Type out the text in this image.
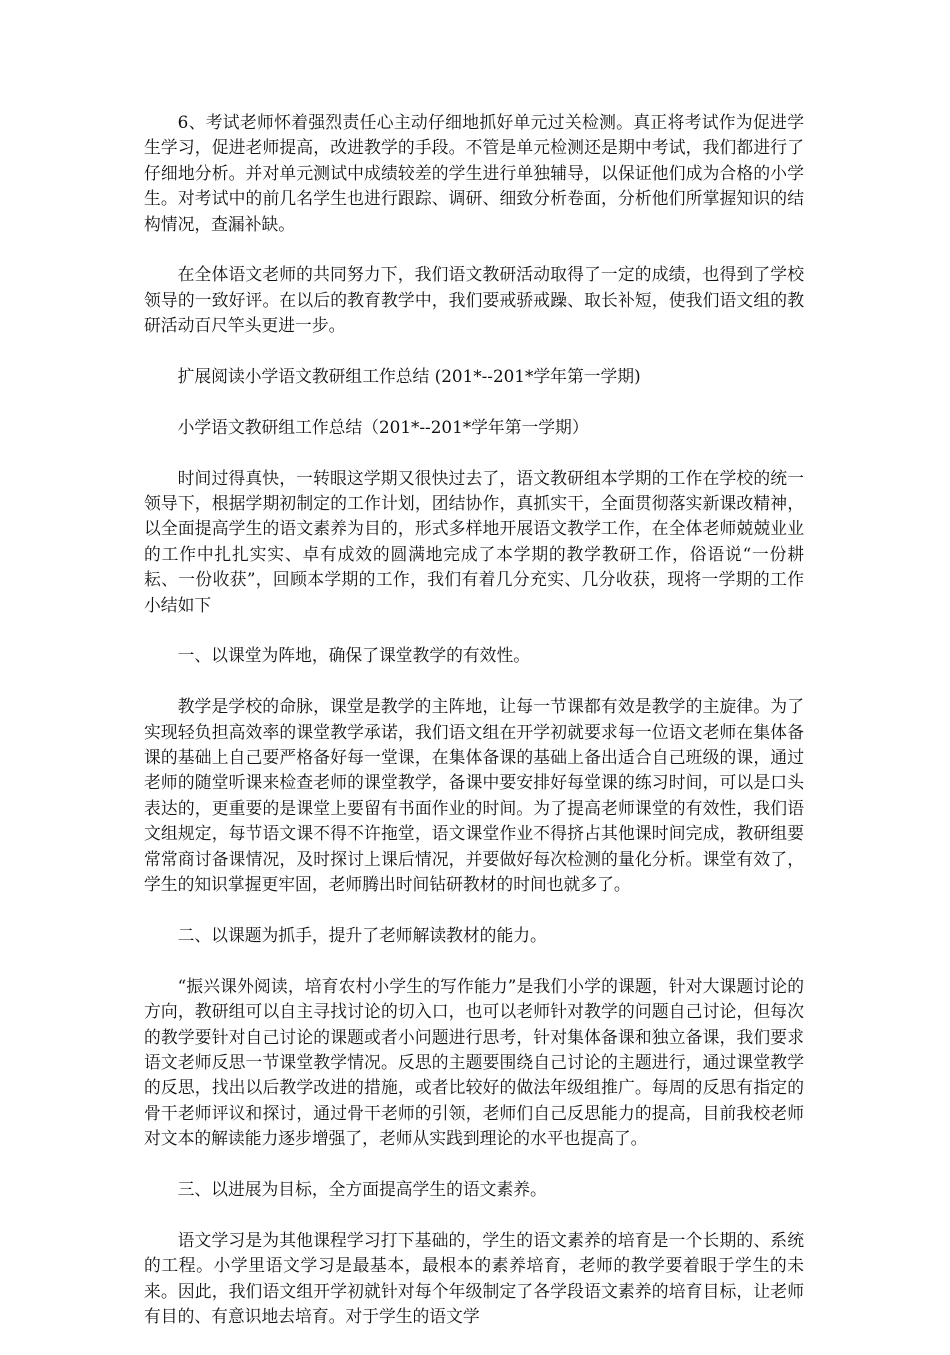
6、考试老师怀着强烈责任心主动仔细地抓好单元过关检测。真正将考试作为促进学生学习，促进老师提高，改进教学的手段。不管是单元检测还是期中考试，我们都进行了仔细地分析。并对单元测试中成绩较差的学生进行单独辅导，以保证他们成为合格的小学生。对考试中的前几名学生也进行跟踪、调研、细致分析卷面，分析他们所掌握知识的结构情况，查漏补缺。

在全体语文老师的共同努力下，我们语文教研活动取得了一定的成绩，也得到了学校领导的一致好评。在以后的教育教学中，我们要戒骄戒躁、取长补短，使我们语文组的教研活动百尺竿头更进一步。

扩展阅读小学语文教研组工作总结 (201*--201*学年第一学期)

小学语文教研组工作总结（201*--201*学年第一学期）

时间过得真快，一转眼这学期又很快过去了，语文教研组本学期的工作在学校的统一领导下，根据学期初制定的工作计划，团结协作，真抓实干，全面贯彻落实新课改精神，以全面提高学生的语文素养为目的，形式多样地开展语文教学工作，在全体老师兢兢业业的工作中扎扎实实、卓有成效的圆满地完成了本学期的教学教研工作，俗语说“一份耕耘、一份收获”，回顾本学期的工作，我们有着几分充实、几分收获，现将一学期的工作小结如下

一、以课堂为阵地，确保了课堂教学的有效性。

教学是学校的命脉，课堂是教学的主阵地，让每一节课都有效是教学的主旋律。为了实现轻负担高效率的课堂教学承诺，我们语文组在开学初就要求每一位语文老师在集体备课的基础上自己要严格备好每一堂课，在集体备课的基础上备出适合自己班级的课，通过老师的随堂听课来检查老师的课堂教学，备课中要安排好每堂课的练习时间，可以是口头表达的，更重要的是课堂上要留有书面作业的时间。为了提高老师课堂的有效性，我们语文组规定，每节语文课不得不许拖堂，语文课堂作业不得挤占其他课时间完成，教研组要常常商讨备课情况，及时探讨上课后情况，并要做好每次检测的量化分析。课堂有效了，学生的知识掌握更牢固，老师腾出时间钻研教材的时间也就多了。

二、以课题为抓手，提升了老师解读教材的能力。

“振兴课外阅读，培育农村小学生的写作能力”是我们小学的课题，针对大课题讨论的方向，教研组可以自主寻找讨论的切入口，也可以老师针对教学的问题自己讨论，但每次的教学要针对自己讨论的课题或者小问题进行思考，针对集体备课和独立备课，我们要求语文老师反思一节课堂教学情况。反思的主题要围绕自己讨论的主题进行，通过课堂教学的反思，找出以后教学改进的措施，或者比较好的做法年级组推广。每周的反思有指定的骨干老师评议和探讨，通过骨干老师的引领，老师们自己反思能力的提高，目前我校老师对文本的解读能力逐步增强了，老师从实践到理论的水平也提高了。

三、以进展为目标，全方面提高学生的语文素养。

语文学习是为其他课程学习打下基础的，学生的语文素养的培育是一个长期的、系统的工程。小学里语文学习是最基本，最根本的素养培育，老师的教学要着眼于学生的未来。因此，我们语文组开学初就针对每个年级制定了各学段语文素养的培育目标，让老师有目的、有意识地去培育。对于学生的语文学
